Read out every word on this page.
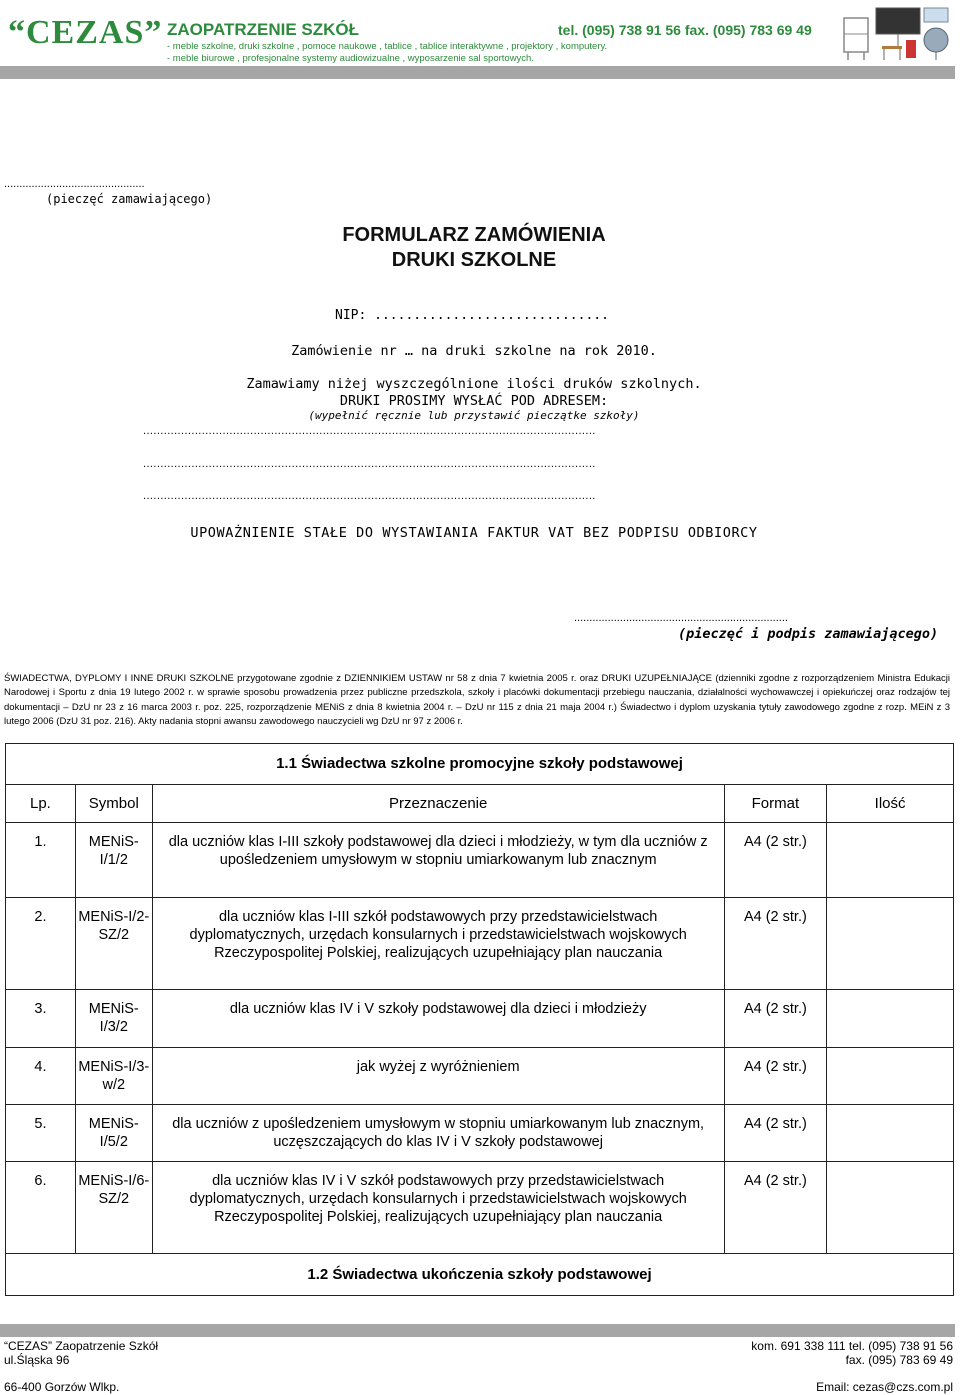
“CEZAS” ZAOPATRZENIE SZKÓŁ	tel. (095) 738 91 56 fax. (095) 783 69 49
- meble szkolne, druki szkolne , pomoce naukowe , tablice , tablice interaktywne , projektory , komputery.
- meble biurowe , profesjonalne systemy audiowizualne , wyposarzenie sal sportowych.
..............................................
(pieczęć zamawiającego)
FORMULARZ ZAMÓWIENIA
DRUKI SZKOLNE
NIP: ..............................
Zamówienie nr … na druki szkolne na rok 2010.
Zamawiamy niżej wyszczególnione ilości druków szkolnych.
DRUKI PROSIMY WYSŁAĆ POD ADRESEM:
(wypełnić ręcznie lub przystawić pieczątke szkoły)
...................................................................................................................................
...................................................................................................................................
...................................................................................................................................
UPOWAŻNIENIE STAŁE DO WYSTAWIANIA FAKTUR VAT BEZ PODPISU ODBIORCY
......................................................................
(pieczęć i podpis zamawiającego)
ŚWIADECTWA, DYPLOMY I INNE DRUKI SZKOLNE przygotowane zgodnie z DZIENNIKIEM USTAW nr 58 z dnia 7 kwietnia 2005 r. oraz DRUKI UZUPEŁNIAJĄCE (dzienniki zgodne z rozporządzeniem Ministra Edukacji Narodowej i Sportu z dnia 19 lutego 2002 r. w sprawie sposobu prowadzenia przez publiczne przedszkola, szkoły i placówki dokumentacji przebiegu nauczania, działalności wychowawczej i opiekuńczej oraz rodzajów tej dokumentacji – DzU nr 23 z 16 marca 2003 r. poz. 225, rozporządzenie MENiS z dnia 8 kwietnia 2004 r. – DzU nr 115 z dnia 21 maja 2004 r.) Świadectwo i dyplom uzyskania tytuły zawodowego zgodne z rozp. MEiN z 3 lutego 2006 (DzU 31 poz. 216). Akty nadania stopni awansu zawodowego nauczycieli wg DzU nr 97 z 2006 r.
1.1 Świadectwa szkolne promocyjne szkoły podstawowej				
Lp.	Symbol	Przeznaczenie	Format	Ilość
1.	MENiS-I/1/2	dla uczniów klas I-III szkoły podstawowej dla dzieci i młodzieży, w tym dla uczniów z upośledzeniem umysłowym w stopniu umiarkowanym lub znacznym	A4 (2 str.)	
2.	MENiS-I/2-SZ/2	dla uczniów klas I-III szkół podstawowych przy przedstawicielstwach dyplomatycznych, urzędach konsularnych i przedstawicielstwach wojskowych Rzeczypospolitej Polskiej, realizujących uzupełniający plan nauczania	A4 (2 str.)	
3.	MENiS-I/3/2	dla uczniów klas IV i V szkoły podstawowej dla dzieci i młodzieży	A4 (2 str.)	
4.	MENiS-I/3-w/2	jak wyżej z wyróżnieniem	A4 (2 str.)	
5.	MENiS-I/5/2	dla uczniów z upośledzeniem umysłowym w stopniu umiarkowanym lub znacznym, uczęszczających do klas IV i V szkoły podstawowej	A4 (2 str.)	
6.	MENiS-I/6-SZ/2	dla uczniów klas IV i V szkół podstawowych przy przedstawicielstwach dyplomatycznych, urzędach konsularnych i przedstawicielstwach wojskowych Rzeczypospolitej Polskiej, realizujących uzupełniający plan nauczania	A4 (2 str.)	
1.2 Świadectwa ukończenia szkoły podstawowej				
“CEZAS” Zaopatrzenie Szkół
ul.Śląska 96
66-400 Gorzów Wlkp.
kom. 691 338 111 tel. (095) 738 91 56
fax. (095) 783 69 49
Email: cezas@czs.com.pl
